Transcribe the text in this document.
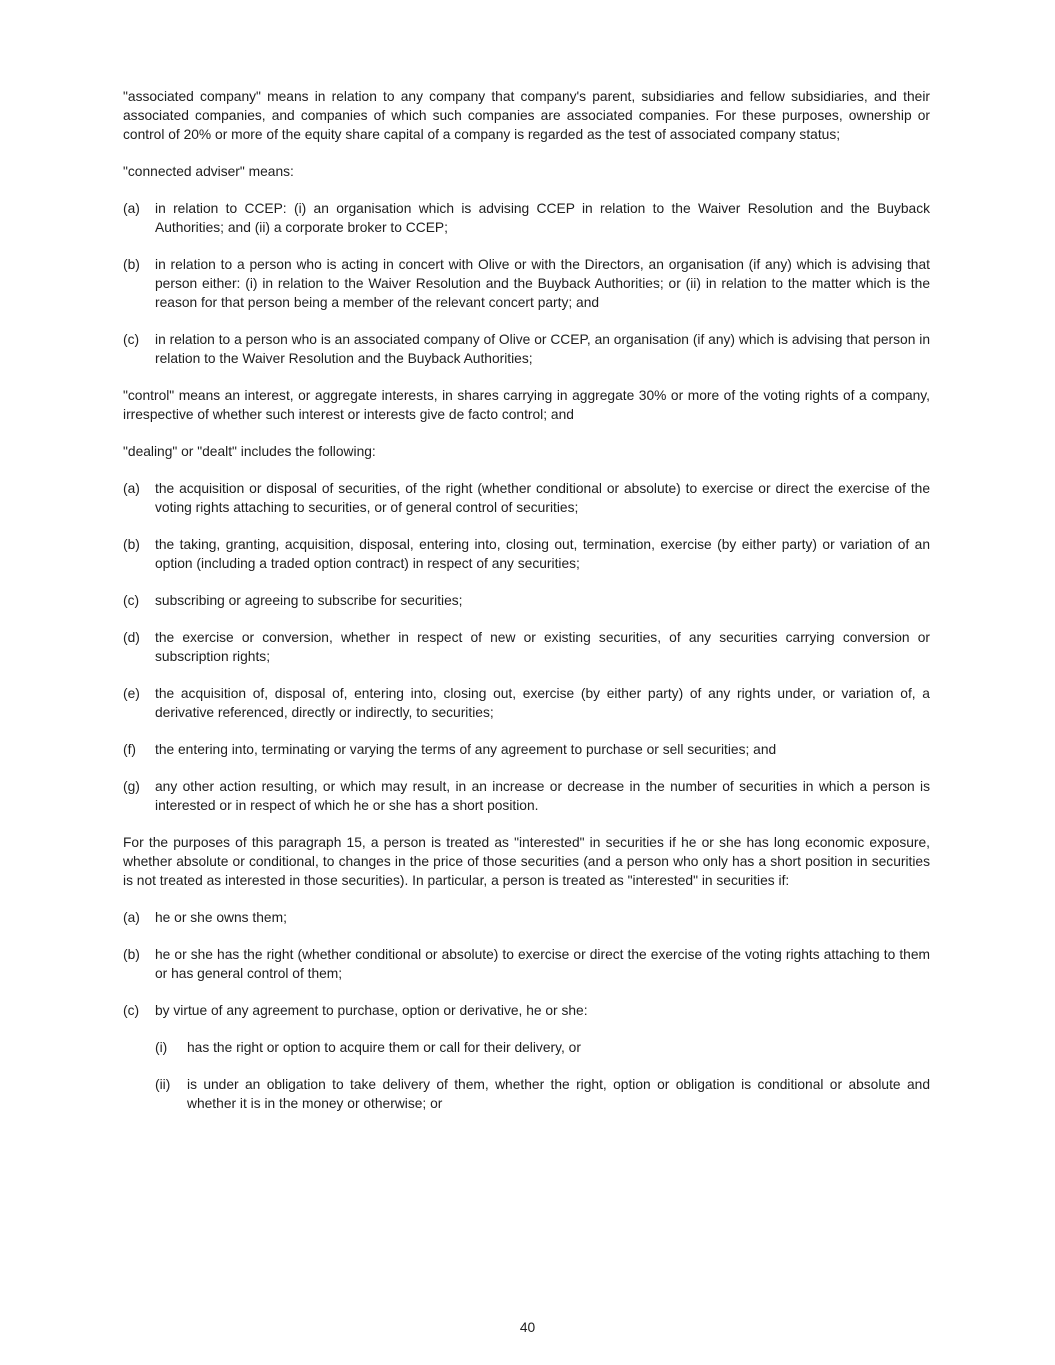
"associated company" means in relation to any company that company's parent, subsidiaries and fellow subsidiaries, and their associated companies, and companies of which such companies are associated companies. For these purposes, ownership or control of 20% or more of the equity share capital of a company is regarded as the test of associated company status;
"connected adviser" means:
(a)	in relation to CCEP: (i) an organisation which is advising CCEP in relation to the Waiver Resolution and the Buyback Authorities; and (ii) a corporate broker to CCEP;
(b)	in relation to a person who is acting in concert with Olive or with the Directors, an organisation (if any) which is advising that person either: (i) in relation to the Waiver Resolution and the Buyback Authorities; or (ii) in relation to the matter which is the reason for that person being a member of the relevant concert party; and
(c)	in relation to a person who is an associated company of Olive or CCEP, an organisation (if any) which is advising that person in relation to the Waiver Resolution and the Buyback Authorities;
"control" means an interest, or aggregate interests, in shares carrying in aggregate 30% or more of the voting rights of a company, irrespective of whether such interest or interests give de facto control; and
"dealing" or "dealt" includes the following:
(a)	the acquisition or disposal of securities, of the right (whether conditional or absolute) to exercise or direct the exercise of the voting rights attaching to securities, or of general control of securities;
(b)	the taking, granting, acquisition, disposal, entering into, closing out, termination, exercise (by either party) or variation of an option (including a traded option contract) in respect of any securities;
(c)	subscribing or agreeing to subscribe for securities;
(d)	the exercise or conversion, whether in respect of new or existing securities, of any securities carrying conversion or subscription rights;
(e)	the acquisition of, disposal of, entering into, closing out, exercise (by either party) of any rights under, or variation of, a derivative referenced, directly or indirectly, to securities;
(f)	the entering into, terminating or varying the terms of any agreement to purchase or sell securities; and
(g)	any other action resulting, or which may result, in an increase or decrease in the number of securities in which a person is interested or in respect of which he or she has a short position.
For the purposes of this paragraph 15, a person is treated as "interested" in securities if he or she has long economic exposure, whether absolute or conditional, to changes in the price of those securities (and a person who only has a short position in securities is not treated as interested in those securities). In particular, a person is treated as "interested" in securities if:
(a)	he or she owns them;
(b)	he or she has the right (whether conditional or absolute) to exercise or direct the exercise of the voting rights attaching to them or has general control of them;
(c)	by virtue of any agreement to purchase, option or derivative, he or she:
(i)	has the right or option to acquire them or call for their delivery, or
(ii)	is under an obligation to take delivery of them, whether the right, option or obligation is conditional or absolute and whether it is in the money or otherwise; or
40
